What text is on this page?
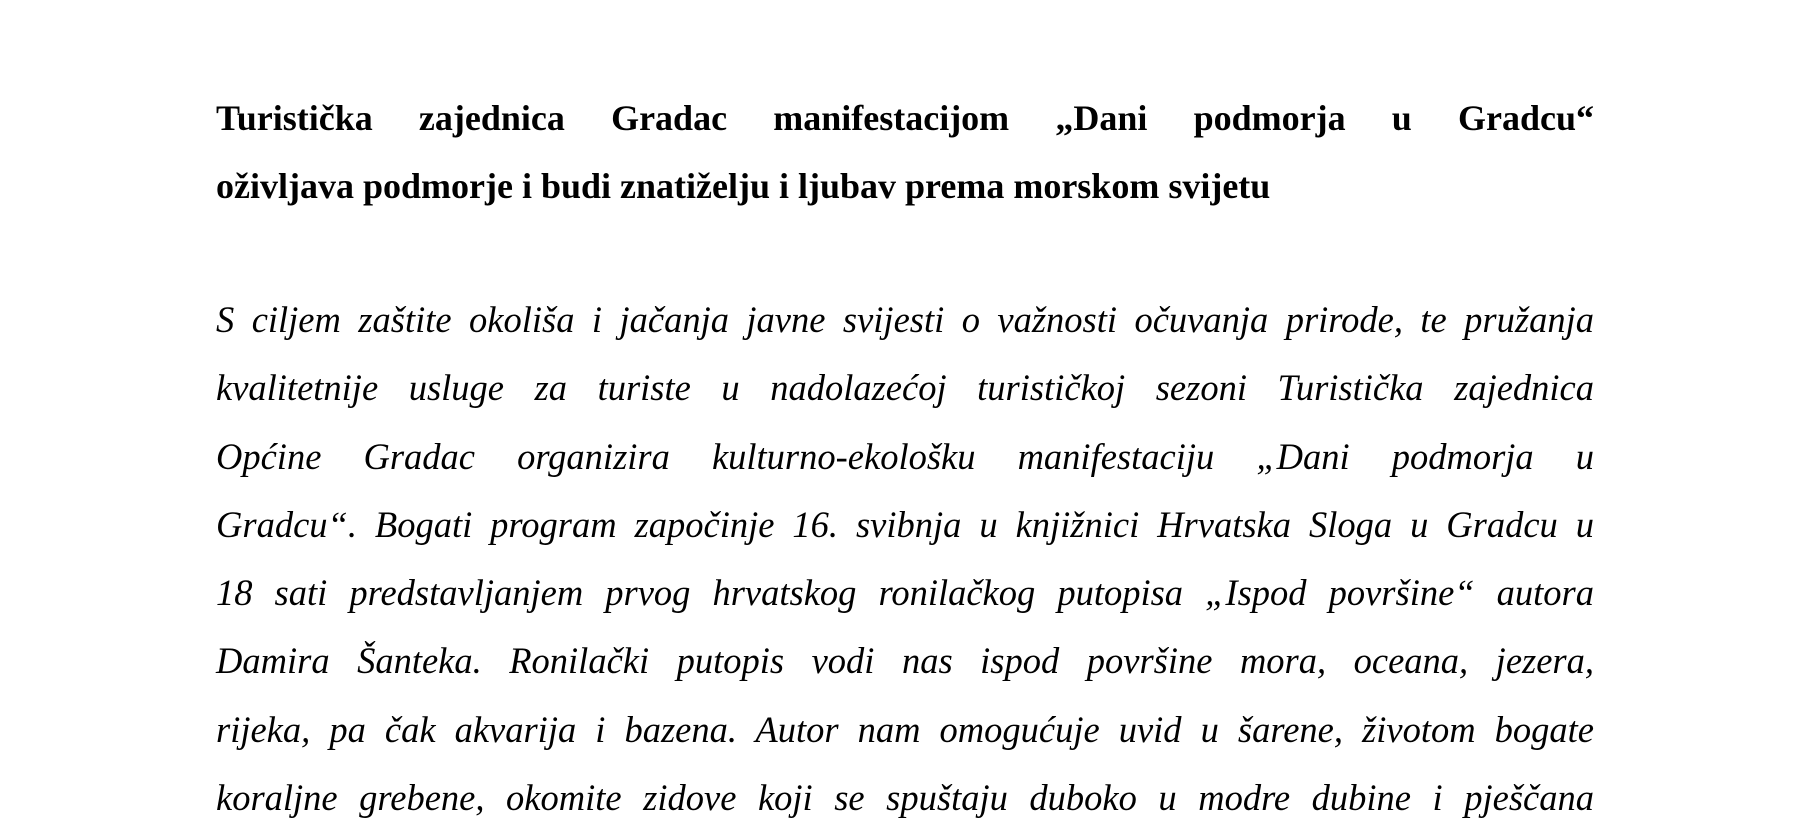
Turistička zajednica Gradac manifestacijom „Dani podmorja u Gradcu“
oživljava podmorje i budi znatiželju i ljubav prema morskom svijetu

S ciljem zaštite okoliša i jačanja javne svijesti o važnosti očuvanja prirode, te pružanja
kvalitetnije usluge za turiste u nadolazećoj turističkoj sezoni Turistička zajednica
Općine Gradac organizira kulturno-ekološku manifestaciju „Dani podmorja u
Gradcu“. Bogati program započinje 16. svibnja u knjižnici Hrvatska Sloga u Gradcu u
18 sati predstavljanjem prvog hrvatskog ronilačkog putopisa „Ispod površine“ autora
Damira Šanteka. Ronilački putopis vodi nas ispod površine mora, oceana, jezera,
rijeka, pa čak akvarija i bazena. Autor nam omogućuje uvid u šarene, životom bogate
koraljne grebene, okomite zidove koji se spuštaju duboko u modre dubine i pješčana
